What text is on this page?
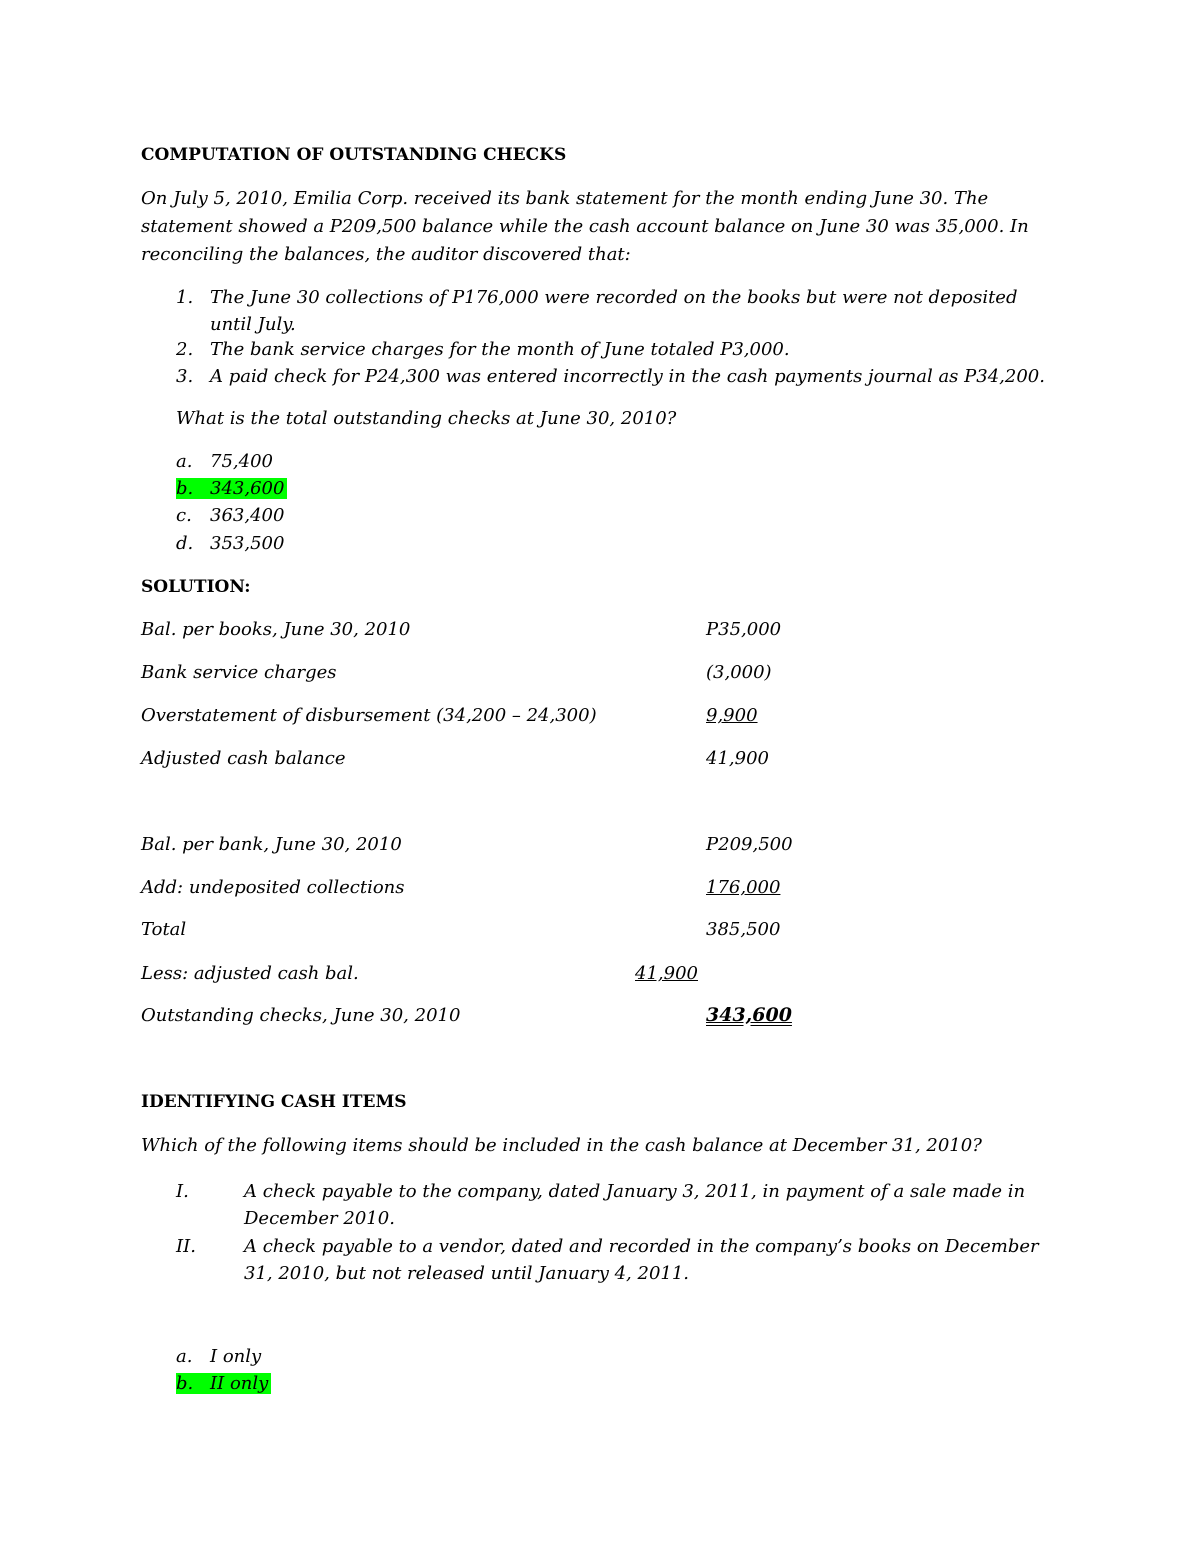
COMPUTATION OF OUTSTANDING CHECKS
On July 5, 2010, Emilia Corp. received its bank statement for the month ending June 30. The statement showed a P209,500 balance while the cash account balance on June 30 was 35,000. In reconciling the balances, the auditor discovered that:
1. The June 30 collections of P176,000 were recorded on the books but were not deposited until July.
2. The bank service charges for the month of June totaled P3,000.
3. A paid check for P24,300 was entered incorrectly in the cash payments journal as P34,200.
What is the total outstanding checks at June 30, 2010?
a. 75,400
b. 343,600
c. 363,400
d. 353,500
SOLUTION:
Bal. per books, June 30, 2010	P35,000
Bank service charges	(3,000)
Overstatement of disbursement (34,200 – 24,300)	9,900
Adjusted cash balance	41,900
Bal. per bank, June 30, 2010	P209,500
Add: undeposited collections	176,000
Total	385,500
Less: adjusted cash bal.	41,900
Outstanding checks, June 30, 2010	343,600
IDENTIFYING CASH ITEMS
Which of the following items should be included in the cash balance at December 31, 2010?
I.	A check payable to the company, dated January 3, 2011, in payment of a sale made in December 2010.
II.	A check payable to a vendor, dated and recorded in the company’s books on December 31, 2010, but not released until January 4, 2011.
a. I only
b. II only
